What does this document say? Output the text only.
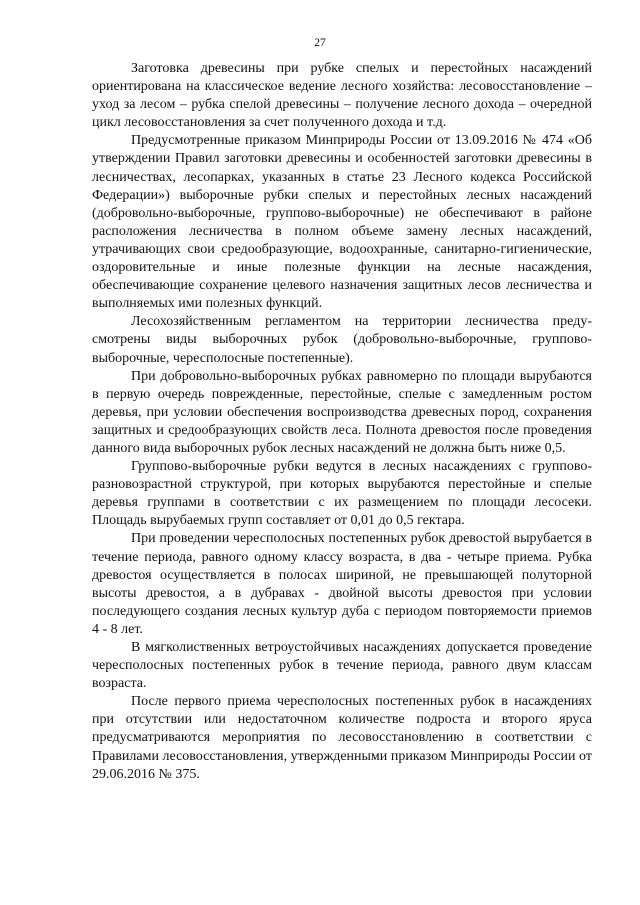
27

Заготовка древесины при рубке спелых и перестойных насаждений ориентирована на классическое ведение лесного хозяйства: лесовосстановление – уход за лесом – рубка спелой древесины – получение лесного дохода – очередной цикл лесовосстановления за счет полученного дохода и т.д.

Предусмотренные приказом Минприроды России от 13.09.2016 № 474 «Об утверждении Правил заготовки древесины и особенностей заготовки древесины в лесничествах, лесопарках, указанных в статье 23 Лесного кодекса Российской Федерации») выборочные рубки спелых и перестойных лесных насаждений (добровольно-выборочные, группово-выборочные) не обеспечивают в районе расположения лесничества в полном объеме замену лесных насаждений, утрачивающих свои средообразующие, водоохранные, санитарно-гигиенические, оздоровительные и иные полезные функции на лесные насаждения, обеспечивающие сохранение целевого назначения защитных лесов лесничества и выполняемых ими полезных функций.

Лесохозяйственным регламентом на территории лесничества предусмотрены виды выборочных рубок (добровольно-выборочные, группово-выборочные, чересполосные постепенные).

При добровольно-выборочных рубках равномерно по площади вырубаются в первую очередь поврежденные, перестойные, спелые с замедленным ростом деревья, при условии обеспечения воспроизводства древесных пород, сохранения защитных и средообразующих свойств леса. Полнота древостоя после проведения данного вида выборочных рубок лесных насаждений не должна быть ниже 0,5.

Группово-выборочные рубки ведутся в лесных насаждениях с группово-разновозрастной структурой, при которых вырубаются перестойные и спелые деревья группами в соответствии с их размещением по площади лесосеки. Площадь вырубаемых групп составляет от 0,01 до 0,5 гектара.

При проведении чересполосных постепенных рубок древостой вырубается в течение периода, равного одному классу возраста, в два - четыре приема. Рубка древостоя осуществляется в полосах шириной, не превышающей полуторной высоты древостоя, а в дубравах - двойной высоты древостоя при условии последующего создания лесных культур дуба с периодом повторяемости приемов 4 - 8 лет.

В мягколиственных ветроустойчивых насаждениях допускается проведение чересполосных постепенных рубок в течение периода, равного двум классам возраста.

После первого приема чересполосных постепенных рубок в насаждениях при отсутствии или недостаточном количестве подроста и второго яруса предусматриваются мероприятия по лесовосстановлению в соответствии с Правилами лесовосстановления, утвержденными приказом Минприроды России от 29.06.2016 № 375.
